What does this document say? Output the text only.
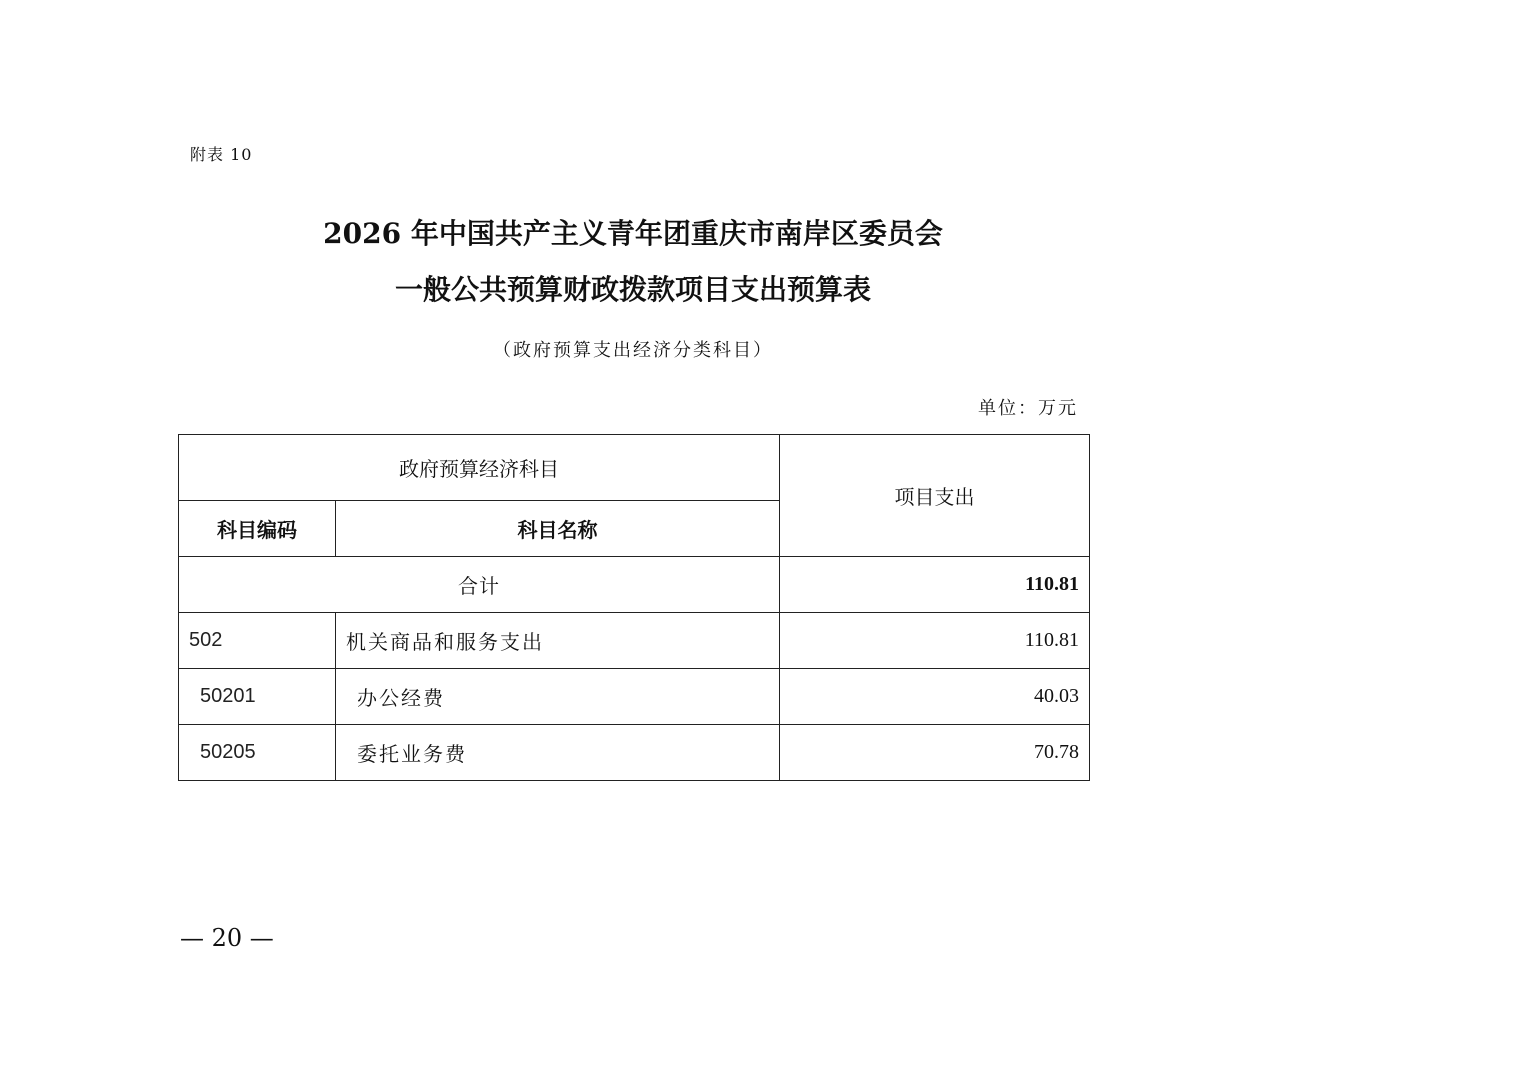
附表 10
2026 年中国共产主义青年团重庆市南岸区委员会
一般公共预算财政拨款项目支出预算表
（政府预算支出经济分类科目）
单位：万元
政府预算经济科目		项目支出
科目编码	科目名称	
合计		110.81
502	机关商品和服务支出	110.81
50201	办公经费	40.03
50205	委托业务费	70.78
— 20 —
